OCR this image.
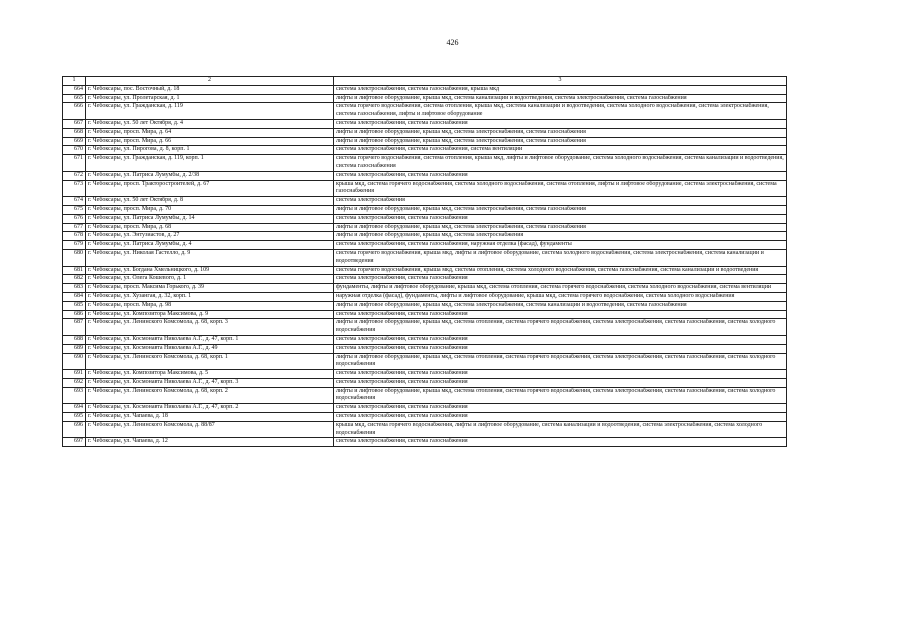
426
1	2	3
664	г. Чебоксары, пос. Восточный, д. 18	система электроснабжения, система газоснабжения, крыша мкд
665	г. Чебоксары, ул. Пролетарская, д. 1	лифты и лифтовое оборудование, крыша мкд, система канализации и водоотведения, система электроснабжения, система газоснабжения
666	г. Чебоксары, ул. Гражданская, д. 119	система горячего водоснабжения, система отопления, крыша мкд, система канализации и водоотведения, система холодного водоснабжения, система электроснабжения, система газоснабжения, лифты и лифтовое оборудование
667	г. Чебоксары, ул. 50 лет Октября, д. 4	система электроснабжения, система газоснабжения
668	г. Чебоксары, просп. Мира, д. 64	лифты и лифтовое оборудование, крыша мкд, система электроснабжения, система газоснабжения
669	г. Чебоксары, просп. Мира, д. 66	лифты и лифтовое оборудование, крыша мкд, система электроснабжения, система газоснабжения
670	г. Чебоксары, ул. Пирогова, д. 8, корп. 1	система электроснабжения, система газоснабжения, система вентиляции
671	г. Чебоксары, ул. Гражданская, д. 119, корп. 1	система горячего водоснабжения, система отопления, крыша мкд, лифты и лифтовое оборудование, система холодного водоснабжения, система канализации и водоотведения, система газоснабжения
672	г. Чебоксары, ул. Патриса Лумумбы, д. 2/38	система электроснабжения, система газоснабжения
673	г. Чебоксары, просп. Тракторостроителей, д. 67	крыша мкд, система горячего водоснабжения, система холодного водоснабжения, система отопления, лифты и лифтовое оборудование, система электроснабжения, система газоснабжения
674	г. Чебоксары, ул. 50 лет Октября, д. 8	система электроснабжения
675	г. Чебоксары, просп. Мира, д. 70	лифты и лифтовое оборудование, крыша мкд, система электроснабжения, система газоснабжения
676	г. Чебоксары, ул. Патриса Лумумбы, д. 14	система электроснабжения, система газоснабжения
677	г. Чебоксары, просп. Мира, д. 68	лифты и лифтовое оборудование, крыша мкд, система электроснабжения, система газоснабжения
678	г. Чебоксары, ул. Энтузиастов, д. 27	лифты и лифтовое оборудование, крыша мкд, система электроснабжения
679	г. Чебоксары, ул. Патриса Лумумбы, д. 4	система электроснабжения, система газоснабжения, наружная отделка (фасад), фундаменты
680	г. Чебоксары, ул. Николая Гастелло, д. 9	система горячего водоснабжения, крыша мкд, лифты и лифтовое оборудование, система холодного водоснабжения, система электроснабжения, система канализации и водоотведения
681	г. Чебоксары, ул. Богдана Хмельницкого, д. 109	система горячего водоснабжения, крыша мкд, система отопления, система холодного водоснабжения, система газоснабжения, система канализации и водоотведения
682	г. Чебоксары, ул. Олега Кошевого, д. 1	система электроснабжения, система газоснабжения
683	г. Чебоксары, просп. Максима Горького, д. 39	фундаменты, лифты и лифтовое оборудование, крыша мкд, система отопления, система горячего водоснабжения, система холодного водоснабжения, система вентиляции
684	г. Чебоксары, ул. Хузангая, д. 32, корп. 1	наружная отделка (фасад), фундаменты, лифты и лифтовое оборудование, крыша мкд, система горячего водоснабжения, система холодного водоснабжения
685	г. Чебоксары, просп. Мира, д. 98	лифты и лифтовое оборудование, крыша мкд, система электроснабжения, система канализации и водоотведения, система газоснабжения
686	г. Чебоксары, ул. Композитора Максимова, д. 9	система электроснабжения, система газоснабжения
687	г. Чебоксары, ул. Ленинского Комсомола, д. 68, корп. 3	лифты и лифтовое оборудование, крыша мкд, система отопления, система горячего водоснабжения, система электроснабжения, система газоснабжения, система холодного водоснабжения
688	г. Чебоксары, ул. Космонавта Николаева А.Г., д. 47, корп. 1	система электроснабжения, система газоснабжения
689	г. Чебоксары, ул. Космонавта Николаева А.Г., д. 49	система электроснабжения, система газоснабжения
690	г. Чебоксары, ул. Ленинского Комсомола, д. 68, корп. 1	лифты и лифтовое оборудование, крыша мкд, система отопления, система горячего водоснабжения, система электроснабжения, система газоснабжения, система холодного водоснабжения
691	г. Чебоксары, ул. Композитора Максимова, д. 5	система электроснабжения, система газоснабжения
692	г. Чебоксары, ул. Космонавта Николаева А.Г., д. 47, корп. 3	система электроснабжения, система газоснабжения
693	г. Чебоксары, ул. Ленинского Комсомола, д. 68, корп. 2	лифты и лифтовое оборудование, крыша мкд, система отопления, система горячего водоснабжения, система электроснабжения, система газоснабжения, система холодного водоснабжения
694	г. Чебоксары, ул. Космонавта Николаева А.Г., д. 47, корп. 2	система электроснабжения, система газоснабжения
695	г. Чебоксары, ул. Чапаева, д. 18	система электроснабжения, система газоснабжения
696	г. Чебоксары, ул. Ленинского Комсомола, д. 88/87	крыша мкд, система горячего водоснабжения, лифты и лифтовое оборудование, система канализации и водоотведения, система электроснабжения, система холодного водоснабжения
697	г. Чебоксары, ул. Чапаева, д. 12	система электроснабжения, система газоснабжения
